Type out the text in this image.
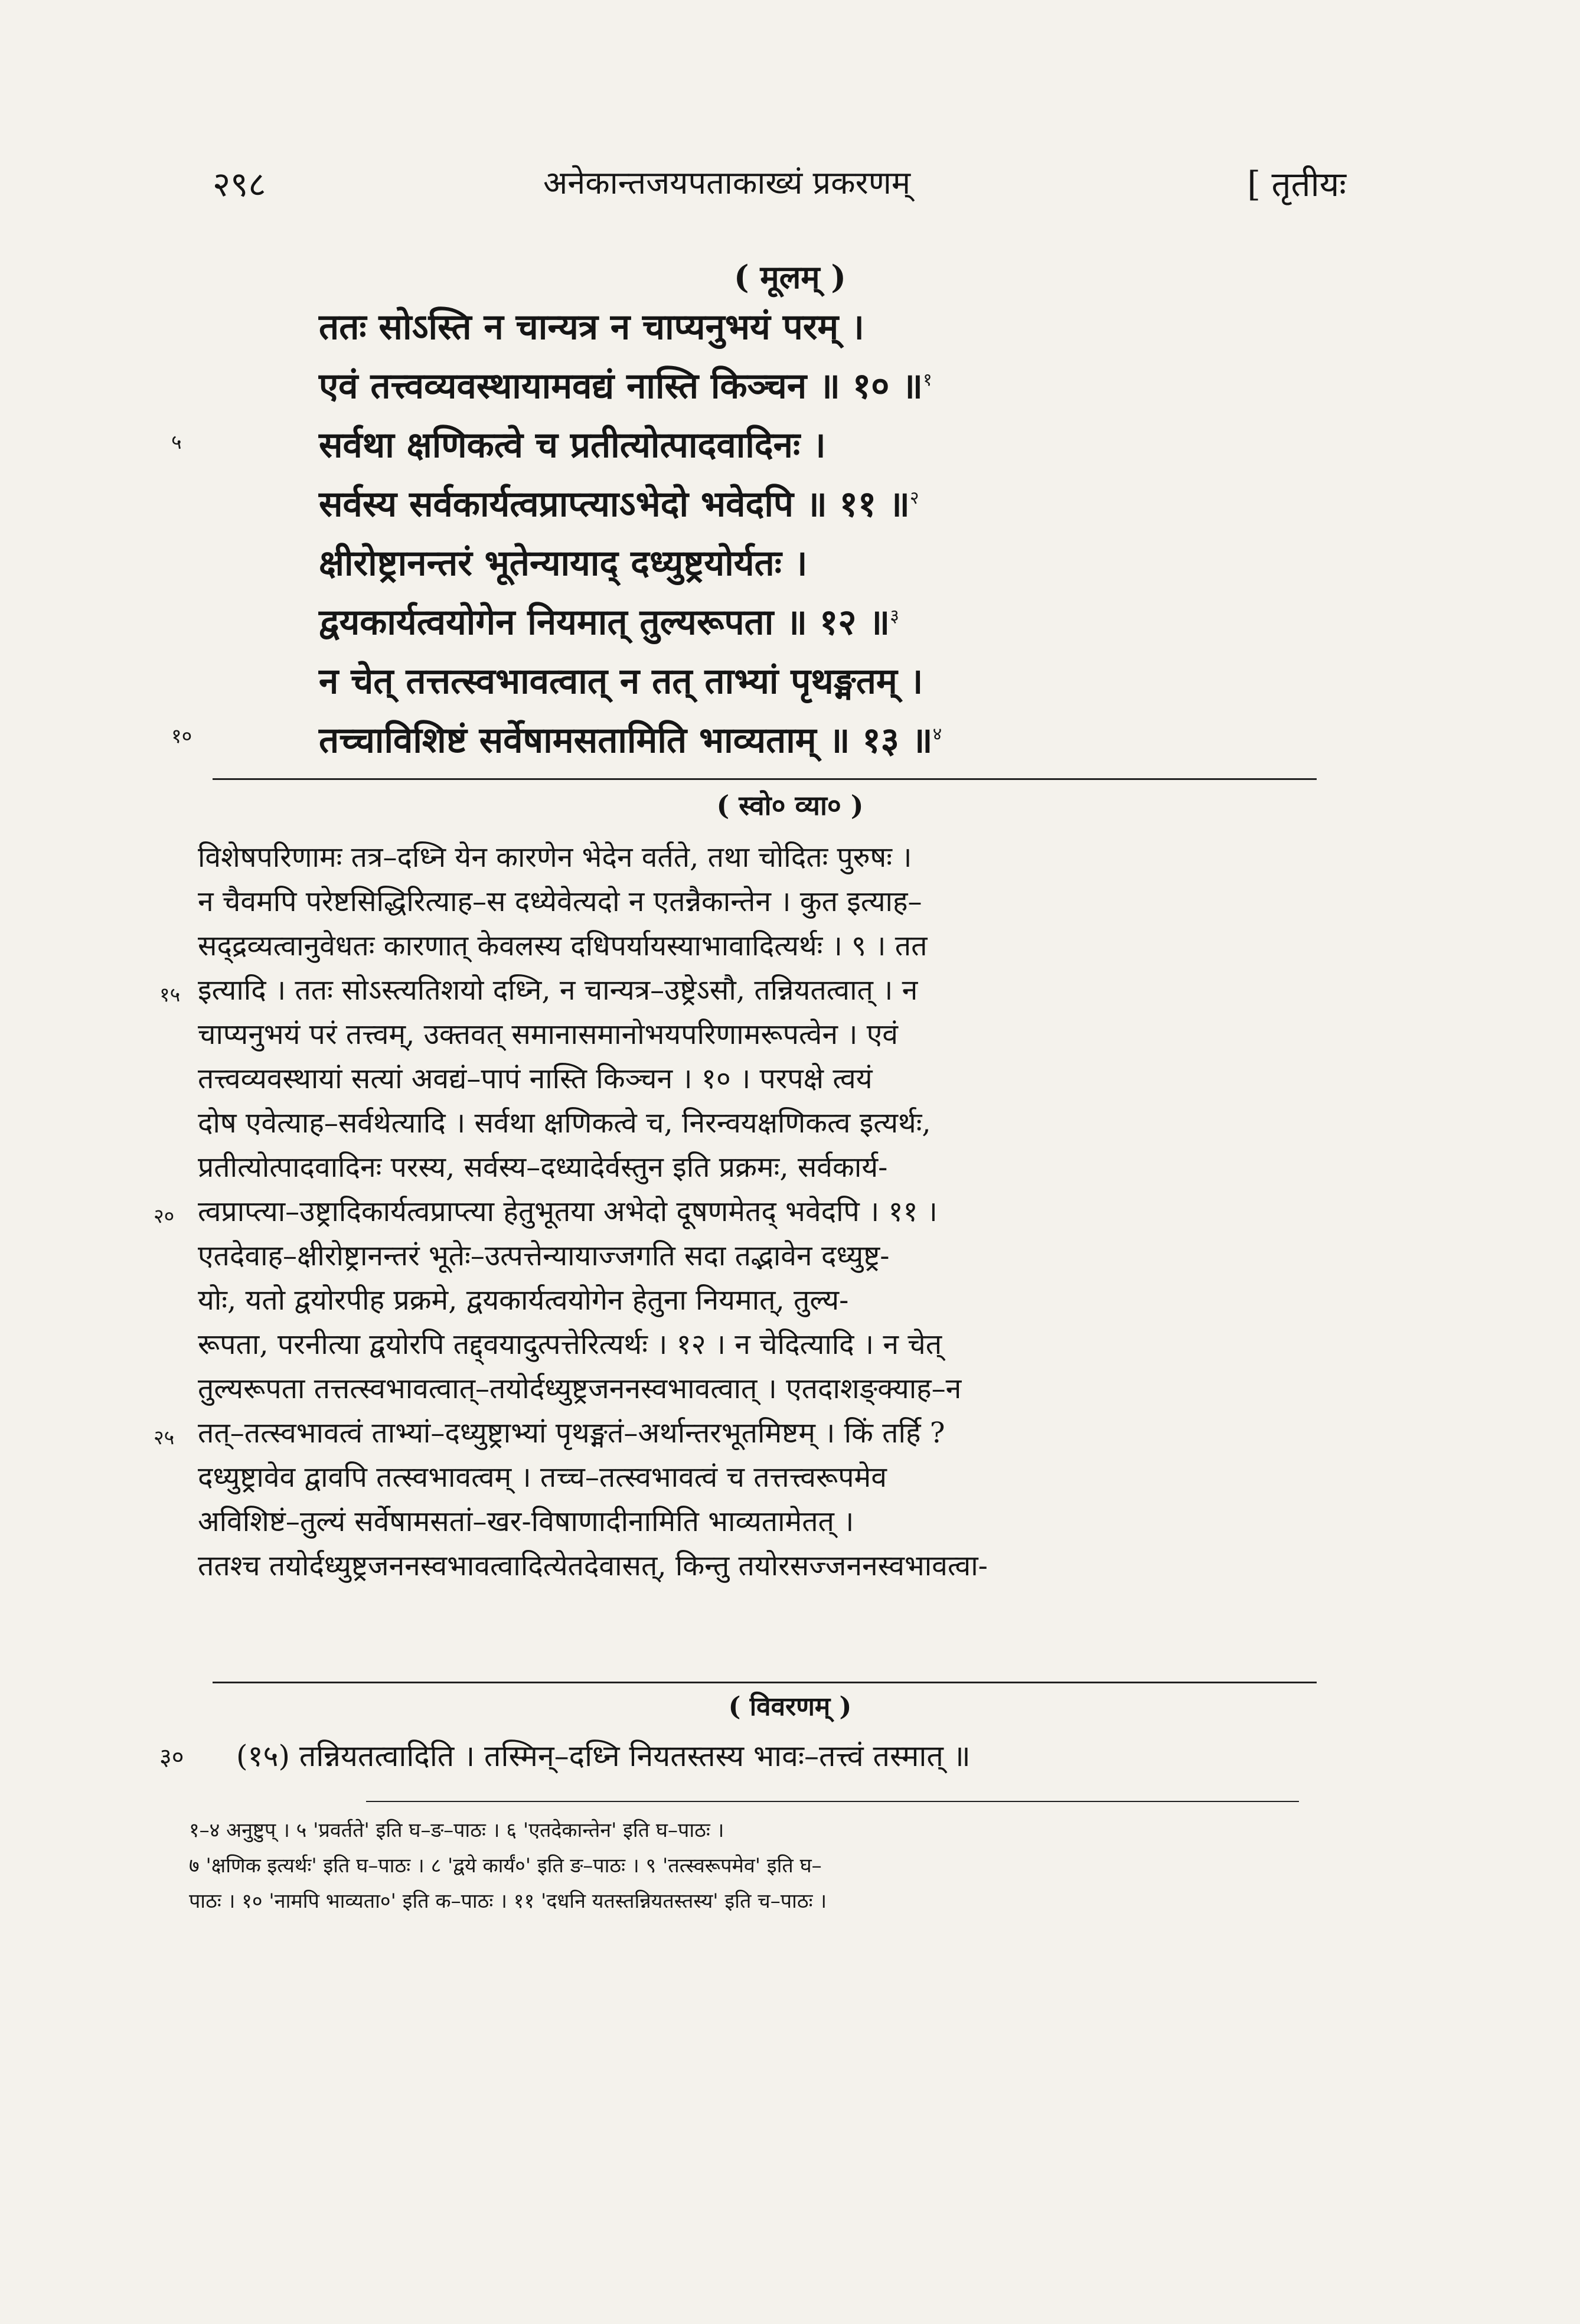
२९८	अनेकान्तजयपताकाख्यं प्रकरणम्	[ तृतीयः
( मूलम् )
ततः सोऽस्ति न चान्यत्र न चाप्यनुभयं परम् ।
एवं तत्त्वव्यवस्थायामवद्यं नास्ति किञ्चन ॥ १० ॥$^१$
५	सर्वथा क्षणिकत्वे च प्रतीत्योत्पादवादिनः ।
सर्वस्य सर्वकार्यत्वप्राप्त्याऽभेदो भवेदपि ॥ ११ ॥$^२$
क्षीरोष्ट्रानन्तरं भूतेन्यायाद् दध्युष्ट्रयोर्यतः ।
द्वयकार्यत्वयोगेन नियमात् तुल्यरूपता ॥ १२ ॥$^३$
न चेत् तत्तत्स्वभावत्वात् न तत् ताभ्यां पृथङ्मतम् ।
१०	तच्चाविशिष्टं सर्वेषामसतामिति भाव्यताम् ॥ १३ ॥$^४$
( स्वो० व्या० )

विशेषपरिणामः तत्र–दध्नि येन कारणेन भेदेन वर्तते, तथा चोदितः पुरुषः ।

न चैवमपि परेष्टसिद्धिरित्याह–स दध्येवेत्यदो न एतन्नैकान्तेन । कुत इत्याह–

सद्द्रव्यत्वानुवेधतः कारणात् केवलस्य दधिपर्यायस्याभावादित्यर्थः । ९ । तत

इत्यादि । ततः सोऽस्त्यतिशयो दध्नि, न चान्यत्र–उष्ट्रेऽसौ, तन्नियतत्वात् । न

चाप्यनुभयं परं तत्त्वम्, उक्तवत् समानासमानोभयपरिणामरूपत्वेन । एवं

तत्त्वव्यवस्थायां सत्यां अवद्यं–पापं नास्ति किञ्चन । १० । परपक्षे त्वयं

दोष एवेत्याह–सर्वथेत्यादि । सर्वथा क्षणिकत्वे च, निरन्वयक्षणिकत्व इत्यर्थः,

प्रतीत्योत्पादवादिनः परस्य, सर्वस्य–दध्यादेर्वस्तुन इति प्रक्रमः, सर्वकार्य-

त्वप्राप्त्या–उष्ट्रादिकार्यत्वप्राप्त्या हेतुभूतया अभेदो दूषणमेतद् भवेदपि । ११ ।

एतदेवाह–क्षीरोष्ट्रानन्तरं भूतेः–उत्पत्तेन्यायाज्जगति सदा तद्भावेन दध्युष्ट्र-

योः, यतो द्वयोरपीह प्रक्रमे, द्वयकार्यत्वयोगेन हेतुना नियमात्, तुल्य-

रूपता, परनीत्या द्वयोरपि तद्द्वयादुत्पत्तेरित्यर्थः । १२ । न चेदित्यादि । न चेत्

तुल्यरूपता तत्तत्स्वभावत्वात्–तयोर्दध्युष्ट्रजननस्वभावत्वात् । एतदाशङ्क्याह–न

तत्–तत्स्वभावत्वं ताभ्यां–दध्युष्ट्राभ्यां पृथङ्मतं–अर्थान्तरभूतमिष्टम् । किं तर्हि ?

दध्युष्ट्रावेव द्वावपि तत्स्वभावत्वम् । तच्च–तत्स्वभावत्वं च तत्तत्त्वरूपमेव

अविशिष्टं–तुल्यं सर्वेषामसतां–खर-विषाणादीनामिति भाव्यतामेतत् ।

ततश्च तयोर्दध्युष्ट्रजननस्वभावत्वादित्येतदेवासत्, किन्तु तयोरसज्जननस्वभावत्वा-

१५
२०
२५
( विवरणम् )
३० (१५) तन्नियतत्वादिति । तस्मिन्–दध्नि नियतस्तस्य भावः–तत्त्वं तस्मात् ॥

१–४ अनुष्टुप् । ५ 'प्रवर्तते' इति घ–ङ–पाठः । ६ 'एतदेकान्तेन' इति घ–पाठः ।

७ 'क्षणिक इत्यर्थः' इति घ–पाठः । ८ 'द्वये कार्यं०' इति ङ–पाठः । ९ 'तत्स्वरूपमेव' इति घ–

पाठः । १० 'नामपि भाव्यता०' इति क–पाठः । ११ 'दधनि यतस्तन्नियतस्तस्य' इति च–पाठः ।
